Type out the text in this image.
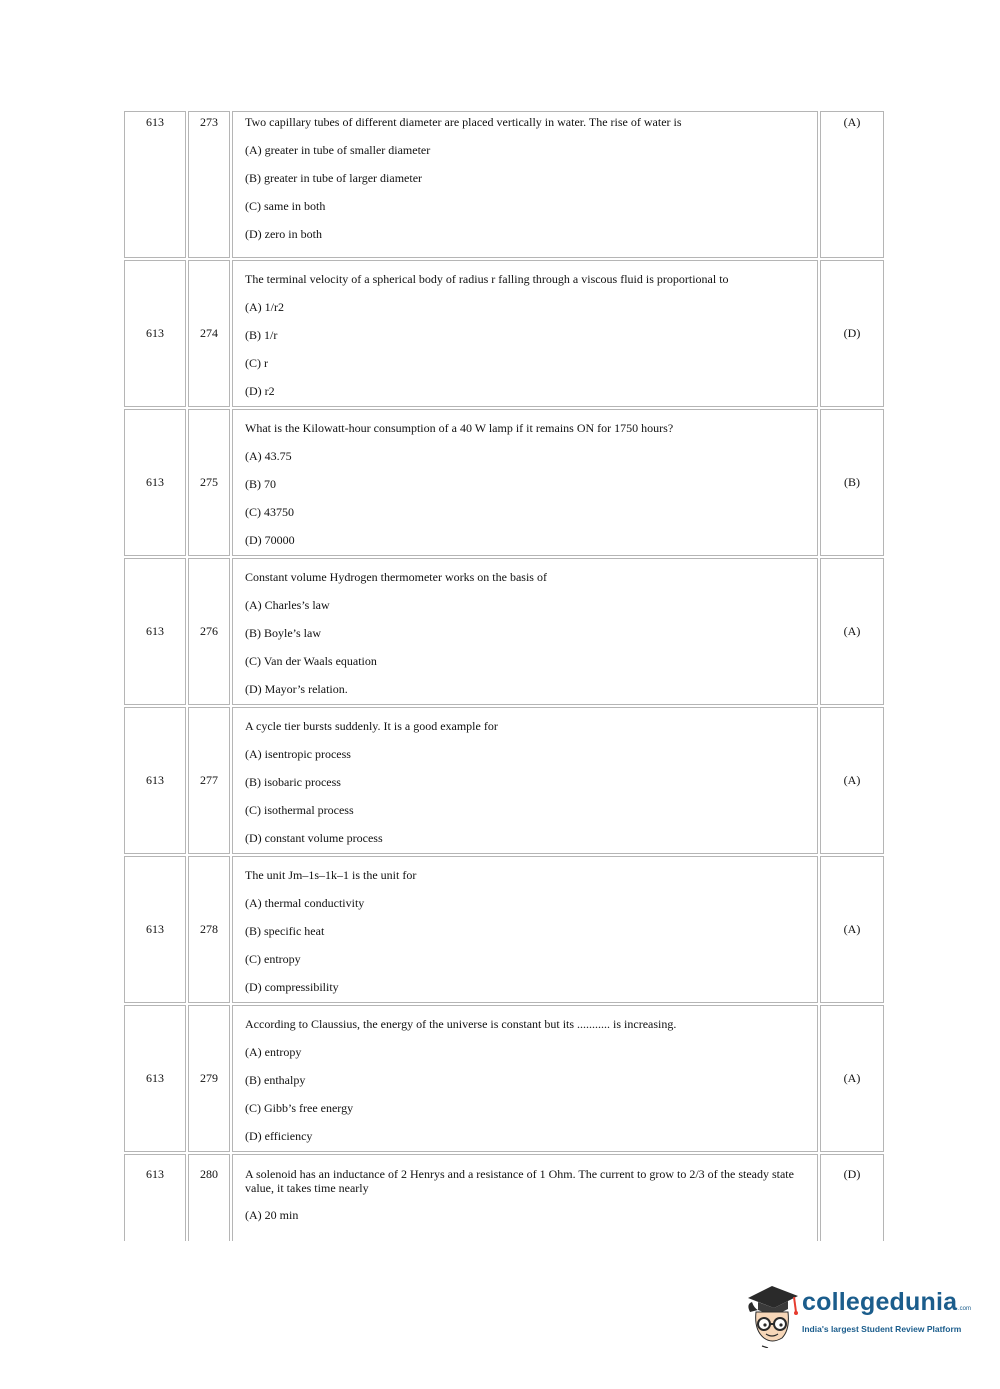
613	273	Two capillary tubes of different diameter are placed vertically in water. The rise of water is

(A) greater in tube of smaller diameter

(B) greater in tube of larger diameter

(C) same in both

(D) zero in both	(A)
613	274	The terminal velocity of a spherical body of radius r falling through a viscous fluid is proportional to

(A) 1/r2

(B) 1/r

(C) r

(D) r2	(D)
613	275	What is the Kilowatt-hour consumption of a 40 W lamp if it remains ON for 1750 hours?

(A) 43.75

(B) 70

(C) 43750

(D) 70000	(B)
613	276	Constant volume Hydrogen thermometer works on the basis of

(A) Charles’s law

(B) Boyle’s law

(C) Van der Waals equation

(D) Mayor’s relation.	(A)
613	277	A cycle tier bursts suddenly. It is a good example for

(A) isentropic process

(B) isobaric process

(C) isothermal process

(D) constant volume process	(A)
613	278	The unit Jm–1s–1k–1 is the unit for

(A) thermal conductivity

(B) specific heat

(C) entropy

(D) compressibility	(A)
613	279	According to Claussius, the energy of the universe is constant but its ........... is increasing.

(A) entropy

(B) enthalpy

(C) Gibb’s free energy

(D) efficiency	(A)
613	280	A solenoid has an inductance of 2 Henrys and a resistance of 1 Ohm. The current to grow to 2/3 of the steady state value, it takes time nearly

(A) 20 min	(D)
collegedunia .com
India's largest Student Review Platform
